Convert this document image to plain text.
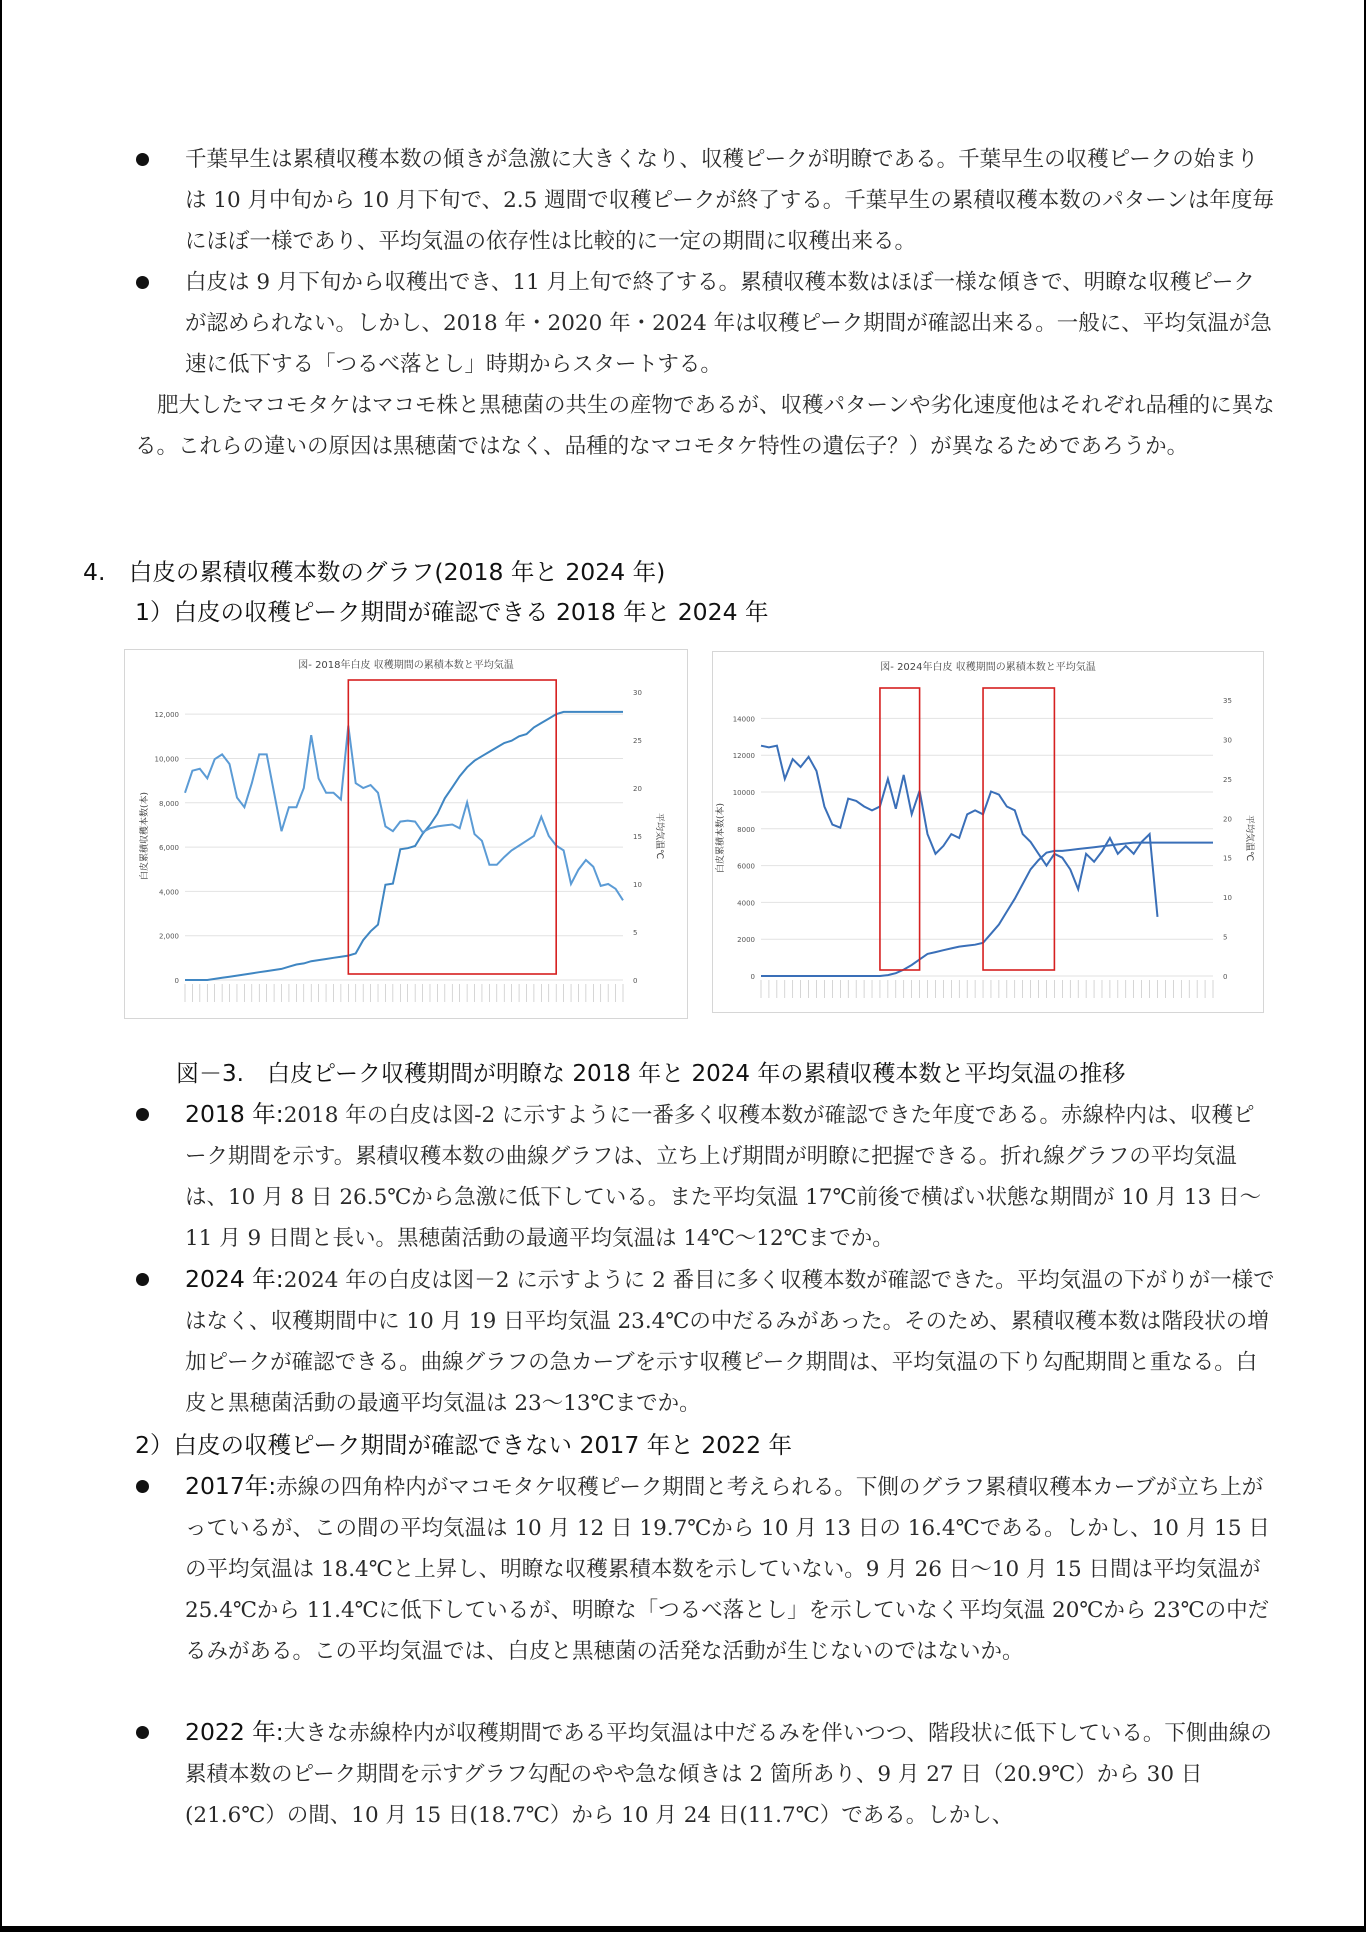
千葉早生は累積収穫本数の傾きが急激に大きくなり、収穫ピークが明瞭である。千葉早生の収穫ピークの始まりは 10 月中旬から 10 月下旬で、2.5 週間で収穫ピークが終了する。千葉早生の累積収穫本数のパターンは年度毎にほぼ一様であり、平均気温の依存性は比較的に一定の期間に収穫出来る。
白皮は 9 月下旬から収穫出でき、11 月上旬で終了する。累積収穫本数はほぼ一様な傾きで、明瞭な収穫ピークが認められない。しかし、2018 年・2020 年・2024 年は収穫ピーク期間が確認出来る。一般に、平均気温が急速に低下する「つるべ落とし」時期からスタートする。
肥大したマコモタケはマコモ株と黒穂菌の共生の産物であるが、収穫パターンや劣化速度他はそれぞれ品種的に異なる。これらの違いの原因は黒穂菌ではなく、品種的なマコモタケ特性の遺伝子？）が異なるためであろうか。
4.　白皮の累積収穫本数のグラフ(2018 年と 2024 年)
1）白皮の収穫ピーク期間が確認できる 2018 年と 2024 年
図- 2018年白皮 収穫期間の累積本数と平均気温
0
2,000
4,000
6,000
8,000
10,000
12,000
0
5
10
15
20
25
30
白皮累積収穫本数(本)	平均気温℃
図- 2024年白皮 収穫期間の累積本数と平均気温
0
2000
4000
6000
8000
10000
12000
14000
0
5
10
15
20
25
30
35
白皮累積本数(本)	平均気温℃
図－3.　白皮ピーク収穫期間が明瞭な 2018 年と 2024 年の累積収穫本数と平均気温の推移
2018 年:2018 年の白皮は図-2 に示すように一番多く収穫本数が確認できた年度である。赤線枠内は、収穫ピーク期間を示す。累積収穫本数の曲線グラフは、立ち上げ期間が明瞭に把握できる。折れ線グラフの平均気温は、10 月 8 日 26.5℃から急激に低下している。また平均気温 17℃前後で横ばい状態な期間が 10 月 13 日～11 月 9 日間と長い。黒穂菌活動の最適平均気温は 14℃～12℃までか。
2024 年:2024 年の白皮は図－2 に示すように 2 番目に多く収穫本数が確認できた。平均気温の下がりが一様ではなく、収穫期間中に 10 月 19 日平均気温 23.4℃の中だるみがあった。そのため、累積収穫本数は階段状の増加ピークが確認できる。曲線グラフの急カーブを示す収穫ピーク期間は、平均気温の下り勾配期間と重なる。白皮と黒穂菌活動の最適平均気温は 23～13℃までか。
2）白皮の収穫ピーク期間が確認できない 2017 年と 2022 年
2017年:赤線の四角枠内がマコモタケ収穫ピーク期間と考えられる。下側のグラフ累積収穫本カーブが立ち上がっているが、この間の平均気温は 10 月 12 日 19.7℃から 10 月 13 日の 16.4℃である。しかし、10 月 15 日の平均気温は 18.4℃と上昇し、明瞭な収穫累積本数を示していない。9 月 26 日～10 月 15 日間は平均気温が 25.4℃から 11.4℃に低下しているが、明瞭な「つるべ落とし」を示していなく平均気温 20℃から 23℃の中だるみがある。この平均気温では、白皮と黒穂菌の活発な活動が生じないのではないか。
2022 年:大きな赤線枠内が収穫期間である平均気温は中だるみを伴いつつ、階段状に低下している。下側曲線の累積本数のピーク期間を示すグラフ勾配のやや急な傾きは 2 箇所あり、9 月 27 日（20.9℃）から 30 日(21.6℃）の間、10 月 15 日(18.7℃）から 10 月 24 日(11.7℃）である。しかし、
